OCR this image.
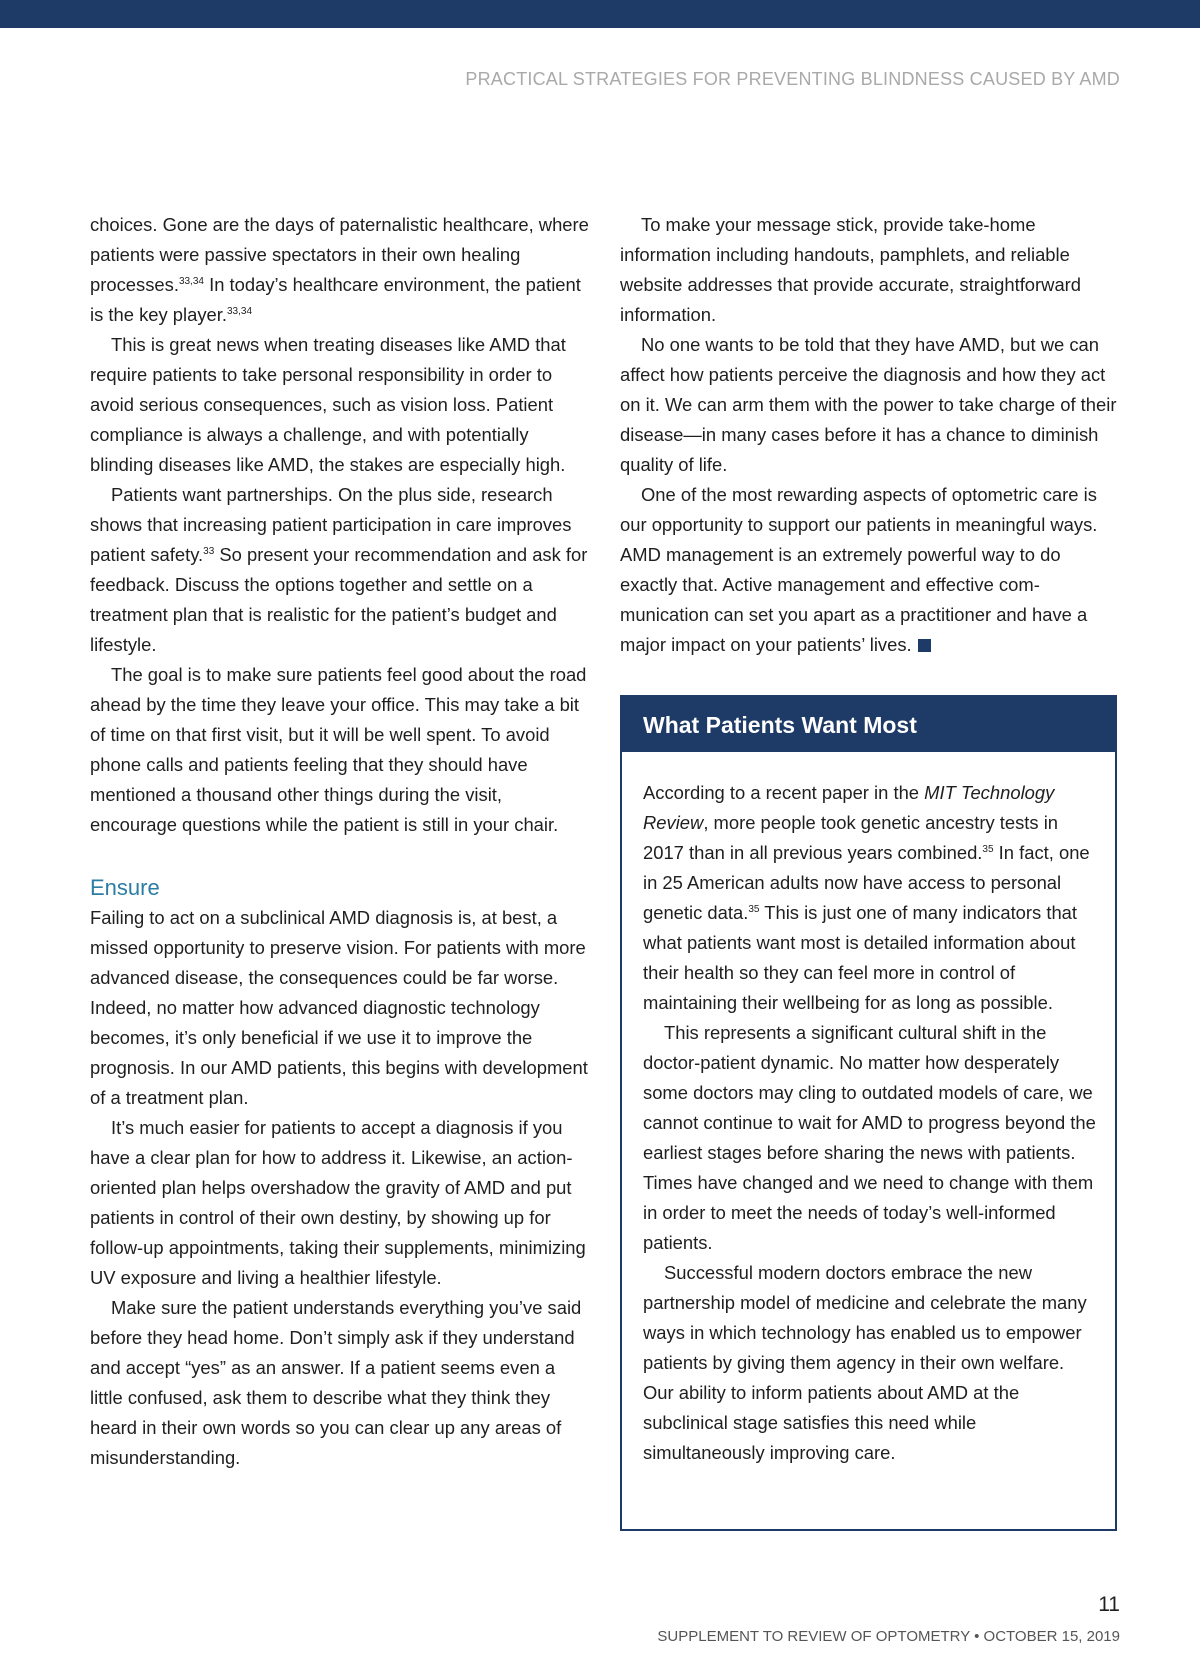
PRACTICAL STRATEGIES FOR PREVENTING BLINDNESS CAUSED BY AMD

choices. Gone are the days of paternalistic healthcare, where patients were passive spectators in their own healing processes.$^{33,34}$ In today’s healthcare environment, the patient is the key player.$^{33,34}$

This is great news when treating diseases like AMD that require patients to take personal responsibility in order to avoid serious consequences, such as vision loss. Patient compliance is always a challenge, and with potentially blinding diseases like AMD, the stakes are especially high.

Patients want partnerships. On the plus side, research shows that increasing patient participation in care improves patient safety.$^{33}$ So present your recommendation and ask for feedback. Discuss the options together and settle on a treatment plan that is realistic for the patient’s budget and lifestyle.

The goal is to make sure patients feel good about the road ahead by the time they leave your office. This may take a bit of time on that first visit, but it will be well spent. To avoid phone calls and patients feeling that they should have mentioned a thousand other things during the visit, encourage questions while the patient is still in your chair.

Ensure

Failing to act on a subclinical AMD diagnosis is, at best, a missed opportunity to preserve vision. For patients with more advanced disease, the consequences could be far worse. Indeed, no matter how advanced diagnostic technology becomes, it’s only beneficial if we use it to improve the prognosis. In our AMD patients, this begins with development of a treatment plan.

It’s much easier for patients to accept a diagnosis if you have a clear plan for how to address it. Likewise, an action-oriented plan helps overshadow the gravity of AMD and put patients in control of their own destiny, by showing up for follow-up appointments, taking their supplements, minimizing UV exposure and living a healthier lifestyle.

Make sure the patient understands everything you’ve said before they head home. Don’t simply ask if they understand and accept “yes” as an answer. If a patient seems even a little confused, ask them to describe what they think they heard in their own words so you can clear up any areas of misunderstanding.

To make your message stick, provide take-home information including handouts, pamphlets, and reliable website addresses that provide accurate, straightforward information.

No one wants to be told that they have AMD, but we can affect how patients perceive the diagnosis and how they act on it. We can arm them with the power to take charge of their disease—in many cases before it has a chance to diminish quality of life.

One of the most rewarding aspects of optometric care is our opportunity to support our patients in meaningful ways. AMD management is an extremely powerful way to do exactly that. Active management and effective communication can set you apart as a practitioner and have a major impact on your patients’ lives.

What Patients Want Most

According to a recent paper in the MIT Technology Review, more people took genetic ancestry tests in 2017 than in all previous years combined.$^{35}$ In fact, one in 25 American adults now have access to personal genetic data.$^{35}$ This is just one of many indicators that what patients want most is detailed information about their health so they can feel more in control of maintaining their wellbeing for as long as possible.

This represents a significant cultural shift in the doctor-patient dynamic. No matter how desperately some doctors may cling to outdated models of care, we cannot continue to wait for AMD to progress beyond the earliest stages before sharing the news with patients. Times have changed and we need to change with them in order to meet the needs of today’s well-informed patients.

Successful modern doctors embrace the new partnership model of medicine and celebrate the many ways in which technology has enabled us to empower patients by giving them agency in their own welfare. Our ability to inform patients about AMD at the subclinical stage satisfies this need while simultaneously improving care.

11

SUPPLEMENT TO REVIEW OF OPTOMETRY • OCTOBER 15, 2019
